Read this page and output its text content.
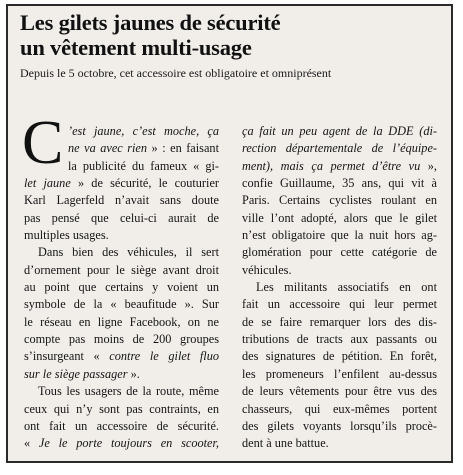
Les gilets jaunes de sécurité
un vêtement multi-usage

Depuis le 5 octobre, cet accessoire est obligatoire et omniprésent

C ’est jaune, c’est moche, ça
ne va avec rien » : en faisant
la publicité du fameux « gi-
let jaune » de sécurité, le couturier
Karl Lagerfeld n’avait sans doute
pas pensé que celui-ci aurait de
multiples usages.
Dans bien des véhicules, il sert
d’ornement pour le siège avant droit
au point que certains y voient un
symbole de la « beaufitude ». Sur
le réseau en ligne Facebook, on ne
compte pas moins de 200 groupes
s’insurgeant « contre le gilet fluo
sur le siège passager ».
Tous les usagers de la route, même
ceux qui n’y sont pas contraints, en
ont fait un accessoire de sécurité.
« Je le porte toujours en scooter,
ça fait un peu agent de la DDE (di-
rection départementale de l’équipe-
ment), mais ça permet d’être vu »,
confie Guillaume, 35 ans, qui vit à
Paris. Certains cyclistes roulant en
ville l’ont adopté, alors que le gilet
n’est obligatoire que la nuit hors ag-
glomération pour cette catégorie de
véhicules.
Les militants associatifs en ont
fait un accessoire qui leur permet
de se faire remarquer lors des dis-
tributions de tracts aux passants ou
des signatures de pétition. En forêt,
les promeneurs l’enfilent au-dessus
de leurs vêtements pour être vus des
chasseurs, qui eux-mêmes portent
des gilets voyants lorsqu’ils procè-
dent à une battue.
